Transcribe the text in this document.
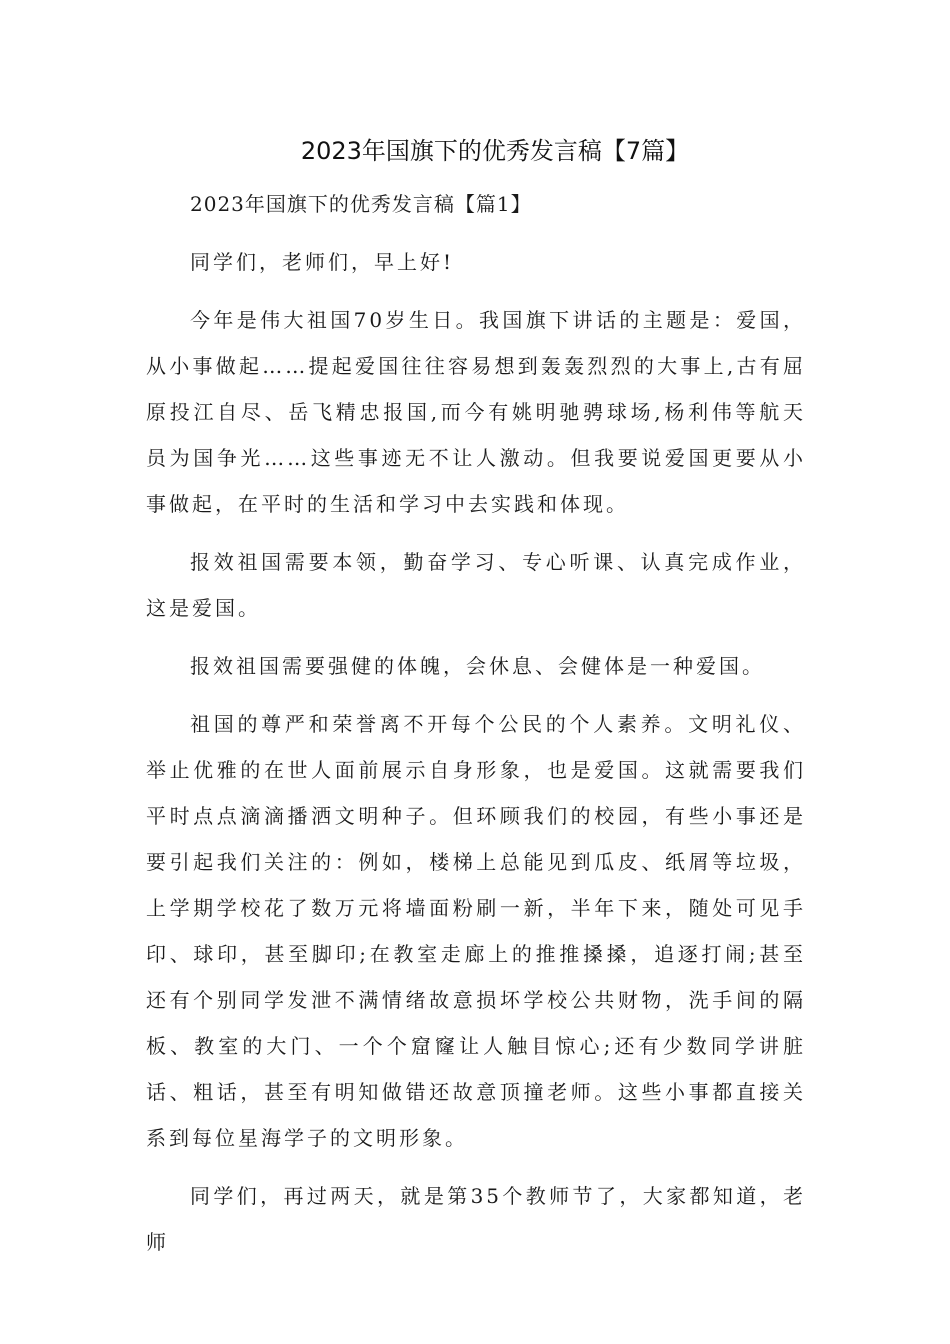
2023年国旗下的优秀发言稿【7篇】

2023年国旗下的优秀发言稿【篇1】

同学们，老师们，早上好!

今年是伟大祖国70岁生日。我国旗下讲话的主题是：爱国，从小事做起……提起爱国往往容易想到轰轰烈烈的大事上,古有屈原投江自尽、岳飞精忠报国,而今有姚明驰骋球场,杨利伟等航天员为国争光……这些事迹无不让人激动。但我要说爱国更要从小事做起，在平时的生活和学习中去实践和体现。

报效祖国需要本领，勤奋学习、专心听课、认真完成作业，这是爱国。

报效祖国需要强健的体魄，会休息、会健体是一种爱国。

祖国的尊严和荣誉离不开每个公民的个人素养。文明礼仪、举止优雅的在世人面前展示自身形象，也是爱国。这就需要我们平时点点滴滴播洒文明种子。但环顾我们的校园，有些小事还是要引起我们关注的：例如，楼梯上总能见到瓜皮、纸屑等垃圾，上学期学校花了数万元将墙面粉刷一新，半年下来，随处可见手印、球印，甚至脚印;在教室走廊上的推推搡搡，追逐打闹;甚至还有个别同学发泄不满情绪故意损坏学校公共财物，洗手间的隔板、教室的大门、一个个窟窿让人触目惊心;还有少数同学讲脏话、粗话，甚至有明知做错还故意顶撞老师。这些小事都直接关系到每位星海学子的文明形象。

同学们，再过两天，就是第35个教师节了，大家都知道，老师
